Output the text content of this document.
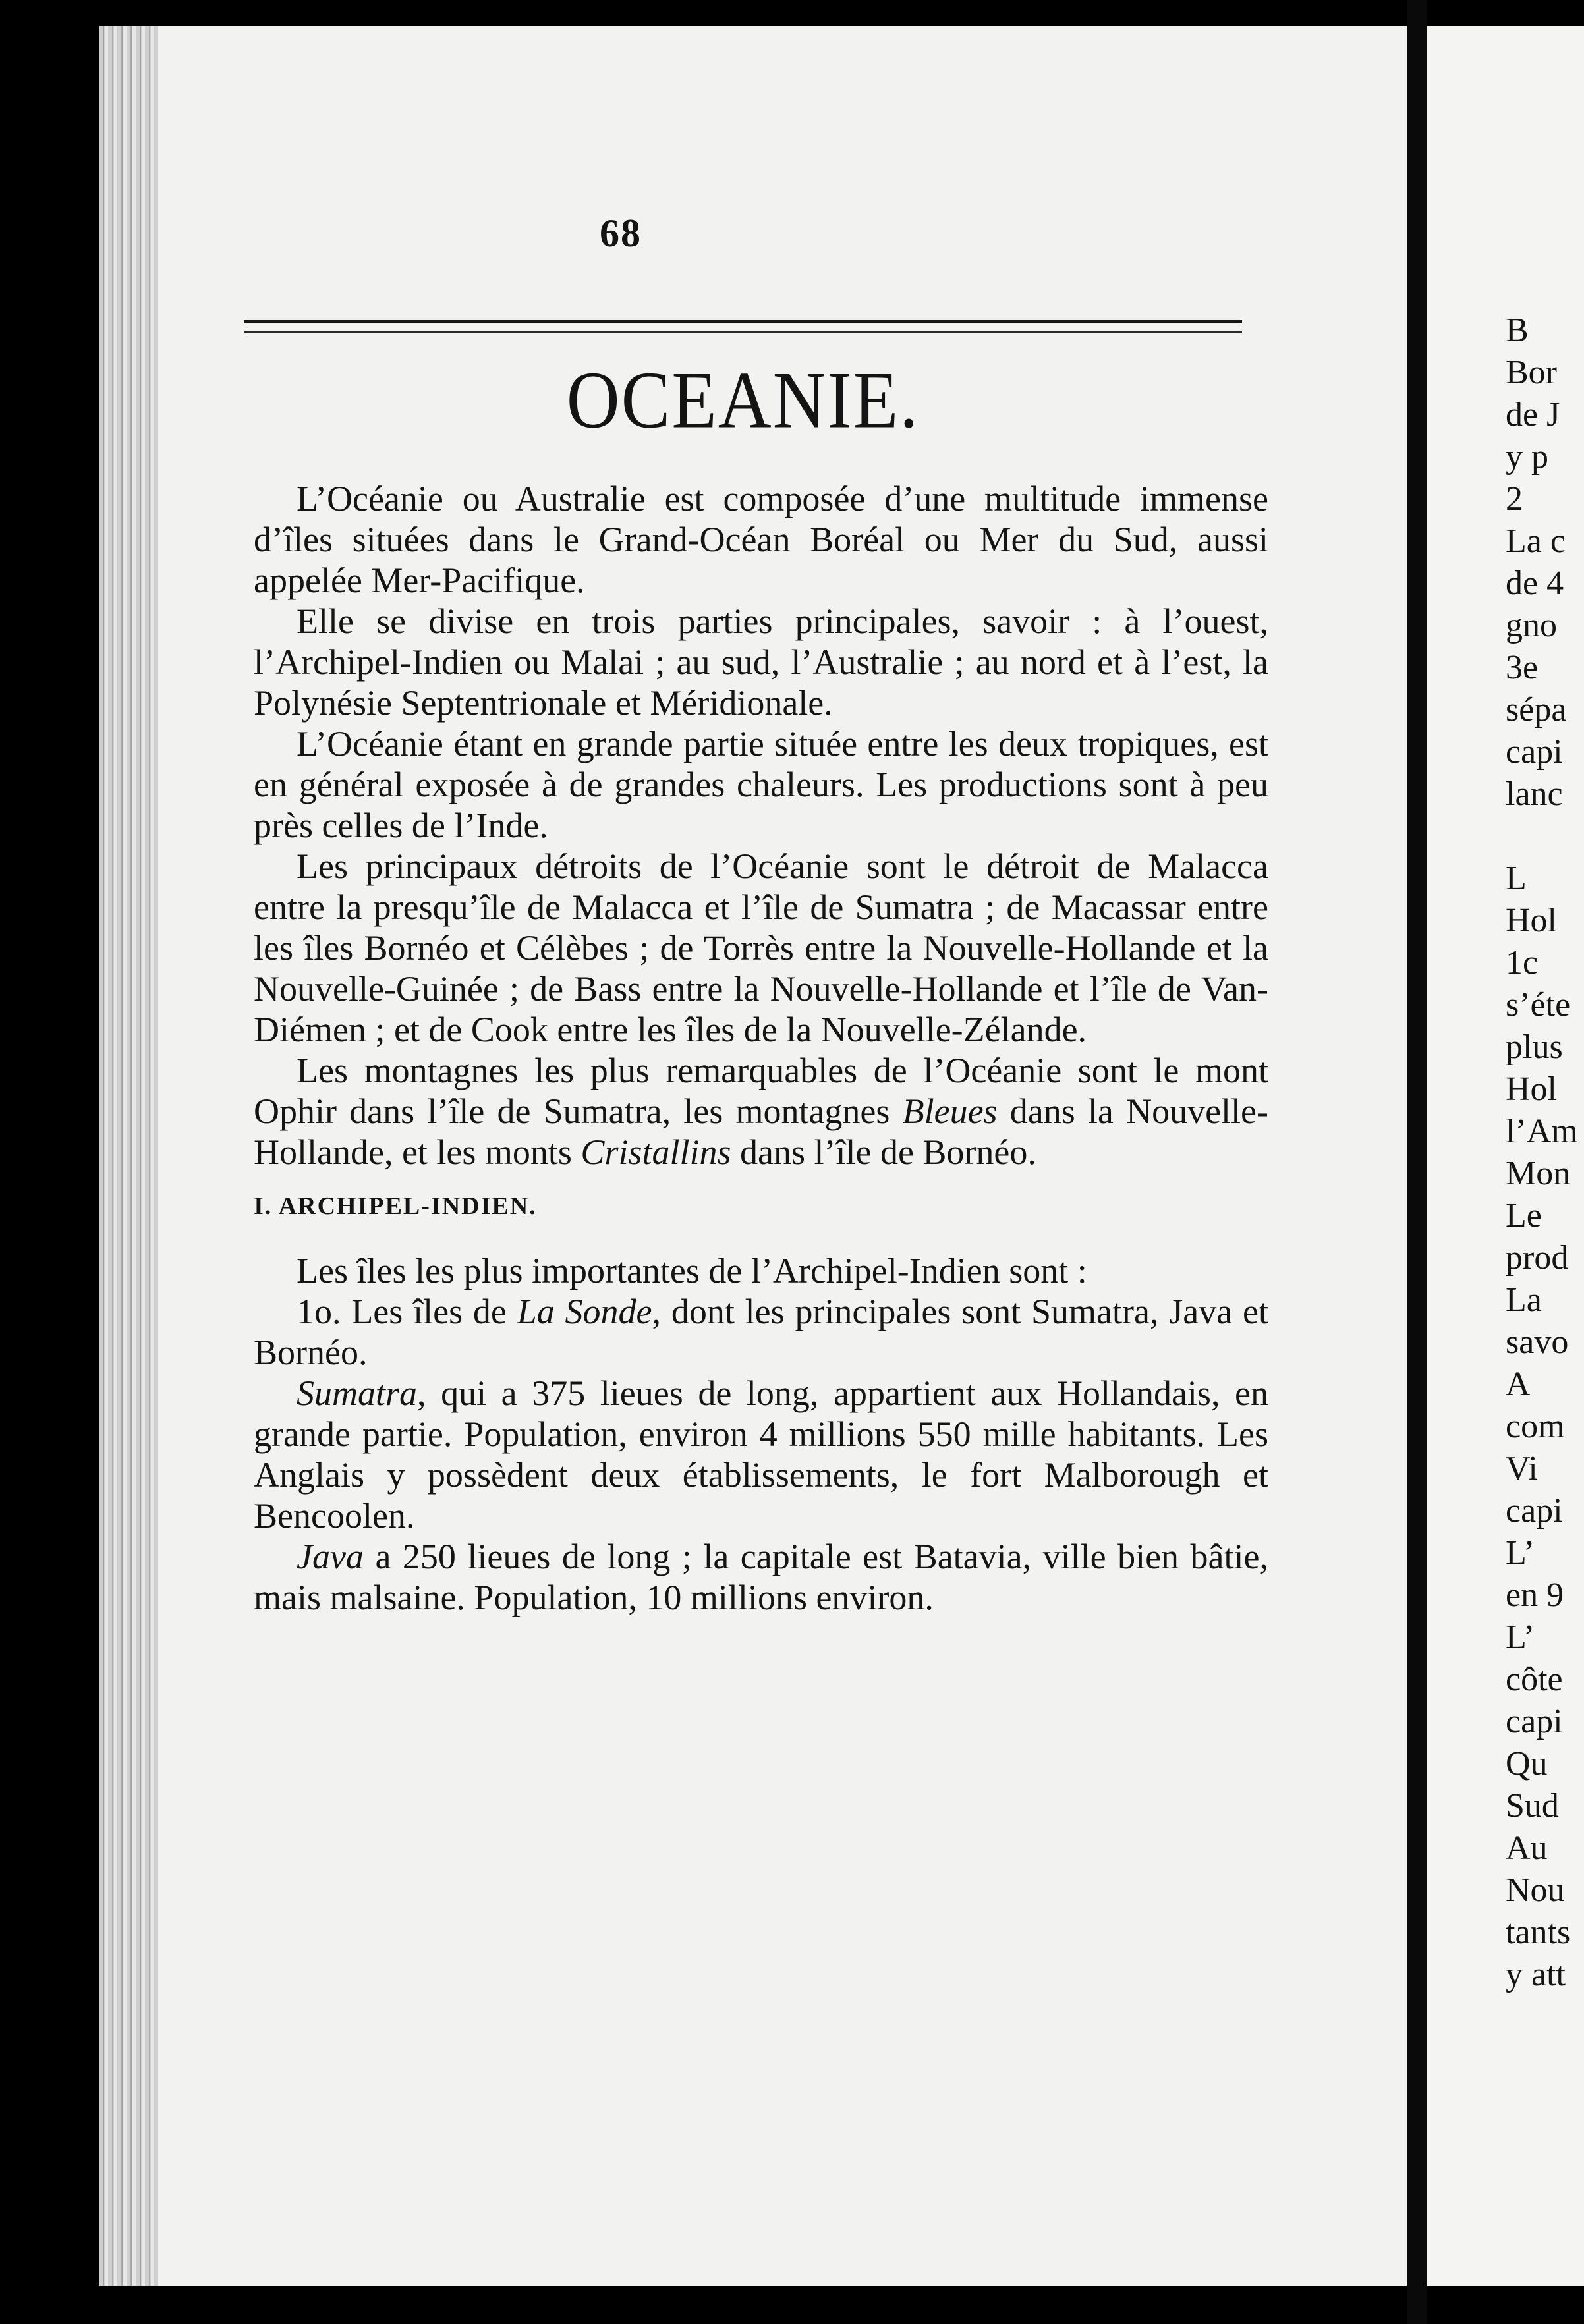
68
OCEANIE.

L’Océanie ou Australie est composée d’une multitude immense d’îles situées dans le Grand-Océan Boréal ou Mer du Sud, aussi appelée Mer-Pacifique.

Elle se divise en trois parties principales, savoir : à l’ouest, l’Archipel-Indien ou Malai ; au sud, l’Australie ; au nord et à l’est, la Polynésie Septentrionale et Méridionale.

L’Océanie étant en grande partie située entre les deux tropiques, est en général exposée à de grandes chaleurs. Les productions sont à peu près celles de l’Inde.

Les principaux détroits de l’Océanie sont le détroit de Malacca entre la presqu’île de Malacca et l’île de Sumatra ; de Macassar entre les îles Bornéo et Célèbes ; de Torrès entre la Nouvelle-Hollande et la Nouvelle-Guinée ; de Bass entre la Nouvelle-Hollande et l’île de Van-Diémen ; et de Cook entre les îles de la Nouvelle-Zélande.

Les montagnes les plus remarquables de l’Océanie sont le mont Ophir dans l’île de Sumatra, les montagnes Bleues dans la Nouvelle-Hollande, et les monts Cristallins dans l’île de Bornéo.

I. ARCHIPEL-INDIEN.

Les îles les plus importantes de l’Archipel-Indien sont :

1o. Les îles de La Sonde, dont les principales sont Sumatra, Java et Bornéo.

Sumatra, qui a 375 lieues de long, appartient aux Hollandais, en grande partie. Population, environ 4 millions 550 mille habitants. Les Anglais y possèdent deux établissements, le fort Malborough et Bencoolen.

Java a 250 lieues de long ; la capitale est Batavia, ville bien bâtie, mais malsaine. Population, 10 millions environ.

B
Bor
de J
y p
2
La c
de 4
gno
3e
sépa
capi
lanc
L
Hol
1c
s’éte
plus
Hol
l’Am
Mon
Le
prod
La
savo
A
com
Vi
capi
L’
en 9
L’
côte
capi
Qu
Sud
Au
Nou
tants
y att
